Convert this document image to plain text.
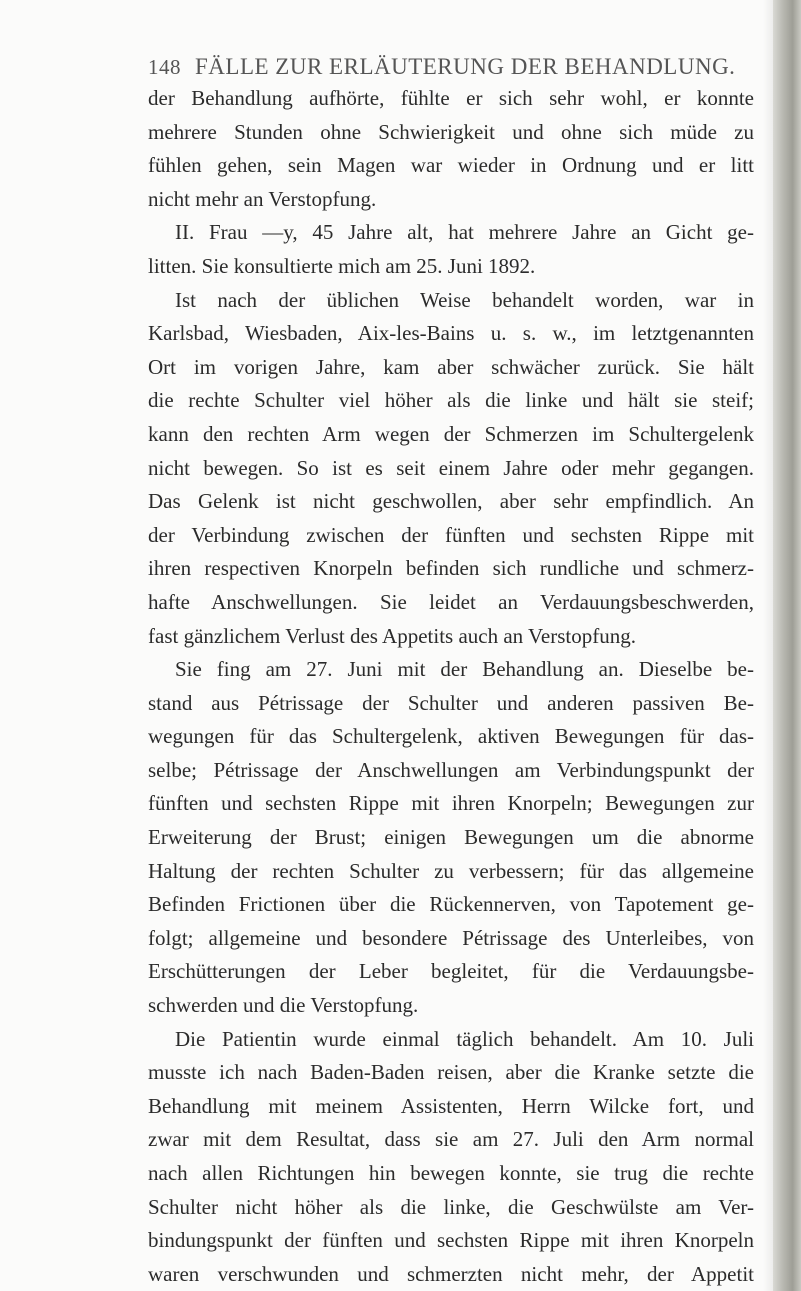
148 FÄLLE ZUR ERLÄUTERUNG DER BEHANDLUNG.
der Behandlung aufhörte, fühlte er sich sehr wohl, er konnte
mehrere Stunden ohne Schwierigkeit und ohne sich müde zu
fühlen gehen, sein Magen war wieder in Ordnung und er litt
nicht mehr an Verstopfung.
II. Frau —y, 45 Jahre alt, hat mehrere Jahre an Gicht ge-
litten. Sie konsultierte mich am 25. Juni 1892.
Ist nach der üblichen Weise behandelt worden, war in
Karlsbad, Wiesbaden, Aix-les-Bains u. s. w., im letztgenannten
Ort im vorigen Jahre, kam aber schwächer zurück. Sie hält
die rechte Schulter viel höher als die linke und hält sie steif;
kann den rechten Arm wegen der Schmerzen im Schultergelenk
nicht bewegen. So ist es seit einem Jahre oder mehr gegangen.
Das Gelenk ist nicht geschwollen, aber sehr empfindlich. An
der Verbindung zwischen der fünften und sechsten Rippe mit
ihren respectiven Knorpeln befinden sich rundliche und schmerz-
hafte Anschwellungen. Sie leidet an Verdauungsbeschwerden,
fast gänzlichem Verlust des Appetits auch an Verstopfung.
Sie fing am 27. Juni mit der Behandlung an. Dieselbe be-
stand aus Pétrissage der Schulter und anderen passiven Be-
wegungen für das Schultergelenk, aktiven Bewegungen für das-
selbe; Pétrissage der Anschwellungen am Verbindungspunkt der
fünften und sechsten Rippe mit ihren Knorpeln; Bewegungen zur
Erweiterung der Brust; einigen Bewegungen um die abnorme
Haltung der rechten Schulter zu verbessern; für das allgemeine
Befinden Frictionen über die Rückennerven, von Tapotement ge-
folgt; allgemeine und besondere Pétrissage des Unterleibes, von
Erschütterungen der Leber begleitet, für die Verdauungsbe-
schwerden und die Verstopfung.
Die Patientin wurde einmal täglich behandelt. Am 10. Juli
musste ich nach Baden-Baden reisen, aber die Kranke setzte die
Behandlung mit meinem Assistenten, Herrn Wilcke fort, und
zwar mit dem Resultat, dass sie am 27. Juli den Arm normal
nach allen Richtungen hin bewegen konnte, sie trug die rechte
Schulter nicht höher als die linke, die Geschwülste am Ver-
bindungspunkt der fünften und sechsten Rippe mit ihren Knorpeln
waren verschwunden und schmerzten nicht mehr, der Appetit
